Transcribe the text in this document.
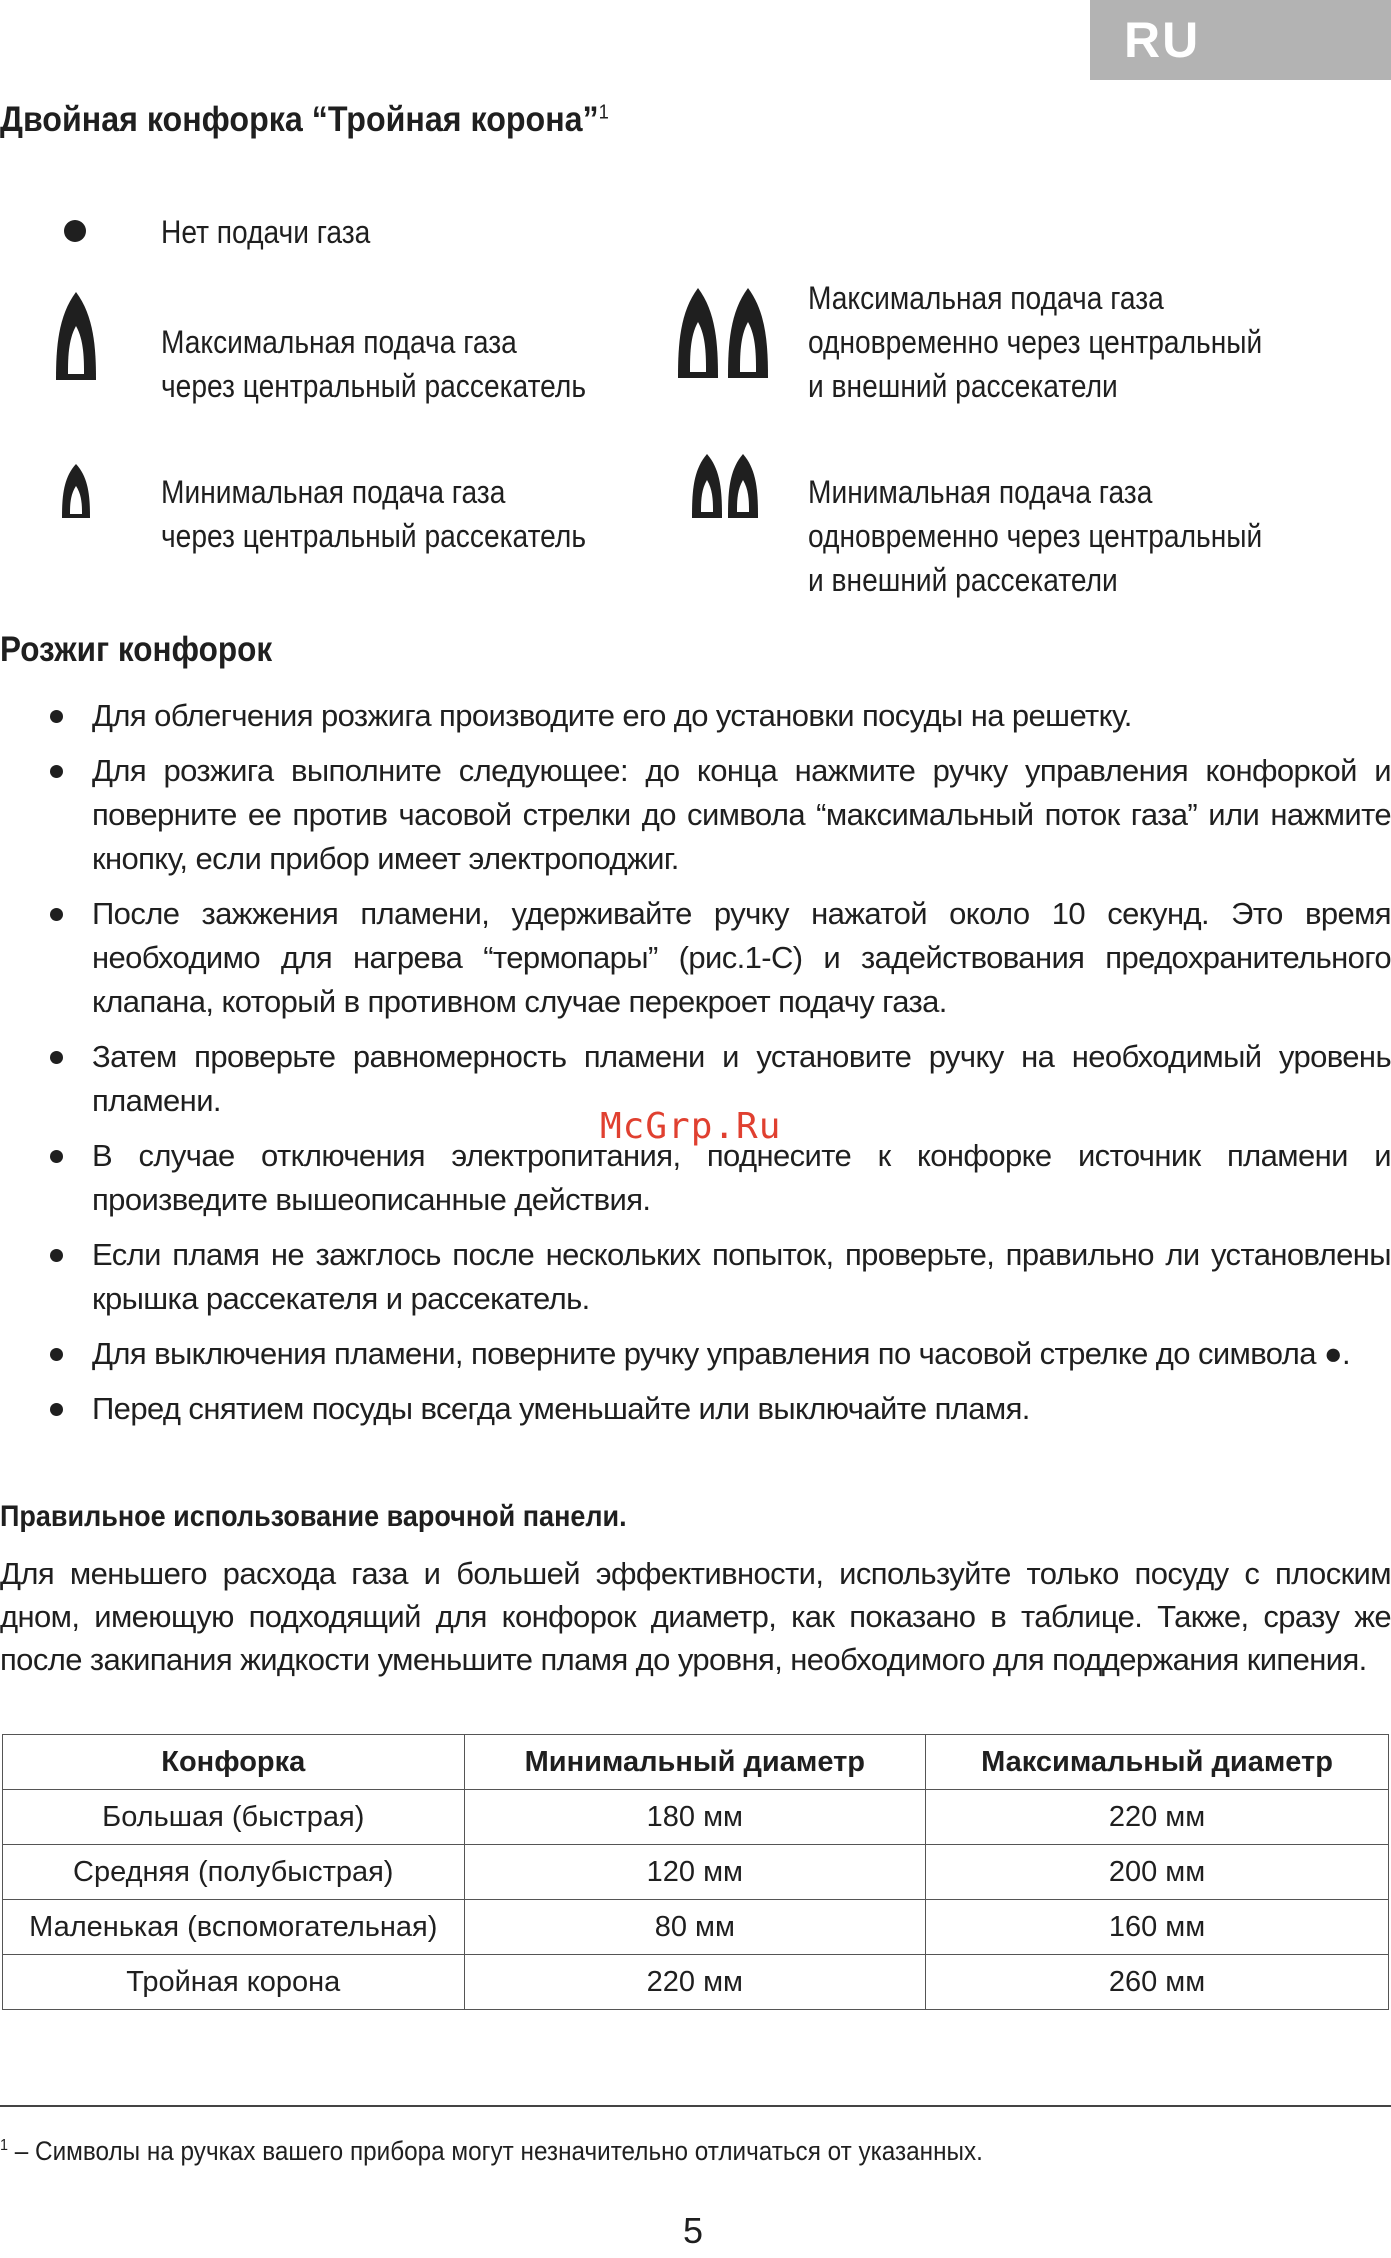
RU
Двойная конфорка “Тройная корона”$^1$
Нет подачи газа
Максимальная подача газа
через центральный рассекатель
Минимальная подача газа
через центральный рассекатель
Максимальная подача газа
одновременно через центральный
и внешний рассекатели
Минимальная подача газа
одновременно через центральный
и внешний рассекатели
Розжиг конфорок
Для облегчения розжига производите его до установки посуды на решетку.
Для розжига выполните следующее: до конца нажмите ручку управления конфоркой и поверните ее против часовой стрелки до символа “максимальный поток газа” или нажмите кнопку, если прибор имеет электроподжиг.
После зажжения пламени, удерживайте ручку нажатой около 10 секунд. Это время необходимо для нагрева “термопары” (рис.1-С) и задействования предохранительного клапана, который в противном случае перекроет подачу газа.
Затем проверьте равномерность пламени и установите ручку на необходимый уровень пламени.
В случае отключения электропитания, поднесите к конфорке источник пламени и произведите вышеописанные действия.
Если пламя не зажглось после нескольких попыток, проверьте, правильно ли установлены крышка рассекателя и рассекатель.
Для выключения пламени, поверните ручку управления по часовой стрелке до символа ●.
Перед снятием посуды всегда уменьшайте или выключайте пламя.
McGrp.Ru
Правильное использование варочной панели.

Для меньшего расхода газа и большей эффективности, используйте только посуду с плоским дном, имеющую подходящий для конфорок диаметр, как показано в таблице. Также, сразу же после закипания жидкости уменьшите пламя до уровня, необходимого для поддержания кипения.

Конфорка	Минимальный диаметр	Максимальный диаметр
Большая (быстрая)	180 мм	220 мм
Средняя (полубыстрая)	120 мм	200 мм
Маленькая (вспомогательная)	80 мм	160 мм
Тройная корона	220 мм	260 мм
$^1$ – Символы на ручках вашего прибора могут незначительно отличаться от указанных.
5
